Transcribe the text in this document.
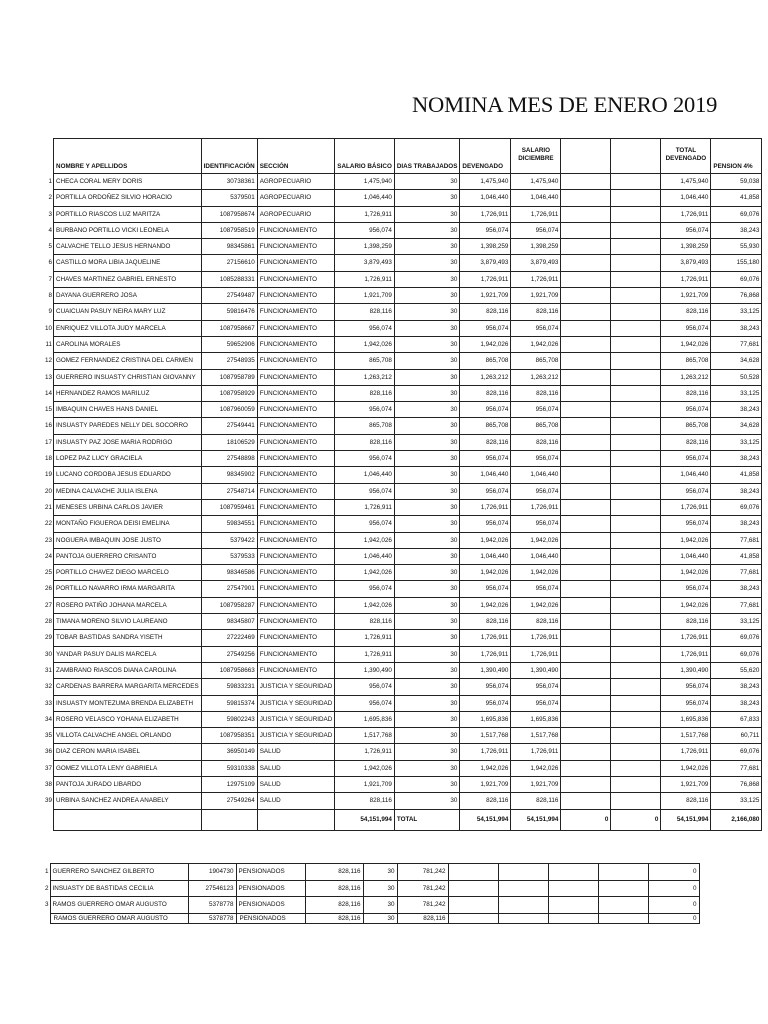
NOMINA MES DE ENERO 2019
	NOMBRE Y APELLIDOS	IDENTIFICACIÓN	SECCIÓN	SALARIO BÁSICO	DIAS TRABAJADOS	DEVENGADO	SALARIO DICIEMBRE			TOTAL DEVENGADO	PENSION 4%
1	CHECA CORAL MERY DORIS	30738361	AGROPECUARIO	1,475,940	30	1,475,940	1,475,940			1,475,940	59,038
2	PORTILLA ORDOÑEZ SILVIO HORACIO	5379501	AGROPECUARIO	1,046,440	30	1,046,440	1,046,440			1,046,440	41,858
3	PORTILLO RIASCOS LUZ MARITZA	1087958674	AGROPECUARIO	1,726,911	30	1,726,911	1,726,911			1,726,911	69,076
4	BURBANO PORTILLO VICKI LEONELA	1087958519	FUNCIONAMIENTO	956,074	30	956,074	956,074			956,074	38,243
5	CALVACHE TELLO JESUS HERNANDO	98345861	FUNCIONAMIENTO	1,398,259	30	1,398,259	1,398,259			1,398,259	55,930
6	CASTILLO MORA LIBIA JAQUELINE	27156610	FUNCIONAMIENTO	3,879,493	30	3,879,493	3,879,493			3,879,493	155,180
7	CHAVES MARTINEZ GABRIEL ERNESTO	1085288331	FUNCIONAMIENTO	1,726,911	30	1,726,911	1,726,911			1,726,911	69,076
8	DAYANA GUERRERO JOSA	27549487	FUNCIONAMIENTO	1,921,709	30	1,921,709	1,921,709			1,921,709	76,868
9	CUAICUAN PASUY NEIRA MARY LUZ	59816476	FUNCIONAMIENTO	828,116	30	828,116	828,116			828,116	33,125
10	ENRIQUEZ VILLOTA JUDY MARCELA	1087958667	FUNCIONAMIENTO	956,074	30	956,074	956,074			956,074	38,243
11	CAROLINA MORALES	59652906	FUNCIONAMIENTO	1,942,026	30	1,942,026	1,942,026			1,942,026	77,681
12	GOMEZ FERNANDEZ CRISTINA DEL CARMEN	27548935	FUNCIONAMIENTO	865,708	30	865,708	865,708			865,708	34,628
13	GUERRERO INSUASTY CHRISTIAN GIOVANNY	1087958789	FUNCIONAMIENTO	1,263,212	30	1,263,212	1,263,212			1,263,212	50,528
14	HERNANDEZ RAMOS MARILUZ	1087958929	FUNCIONAMIENTO	828,116	30	828,116	828,116			828,116	33,125
15	IMBAQUIN CHAVES HANS DANIEL	1087960059	FUNCIONAMIENTO	956,074	30	956,074	956,074			956,074	38,243
16	INSUASTY PAREDES NELLY DEL SOCORRO	27549441	FUNCIONAMIENTO	865,708	30	865,708	865,708			865,708	34,628
17	INSUASTY PAZ JOSE MARIA RODRIGO	18106529	FUNCIONAMIENTO	828,116	30	828,116	828,116			828,116	33,125
18	LOPEZ PAZ LUCY GRACIELA	27548898	FUNCIONAMIENTO	956,074	30	956,074	956,074			956,074	38,243
19	LUCANO CORDOBA JESUS EDUARDO	98345902	FUNCIONAMIENTO	1,046,440	30	1,046,440	1,046,440			1,046,440	41,858
20	MEDINA CALVACHE JULIA ISLENA	27548714	FUNCIONAMIENTO	956,074	30	956,074	956,074			956,074	38,243
21	MENESES URBINA CARLOS JAVIER	1087959461	FUNCIONAMIENTO	1,726,911	30	1,726,911	1,726,911			1,726,911	69,076
22	MONTAÑO FIGUEROA DEISI EMELINA	59834551	FUNCIONAMIENTO	956,074	30	956,074	956,074			956,074	38,243
23	NOGUERA IMBAQUIN JOSE JUSTO	5379422	FUNCIONAMIENTO	1,942,026	30	1,942,026	1,942,026			1,942,026	77,681
24	PANTOJA GUERRERO CRISANTO	5379533	FUNCIONAMIENTO	1,046,440	30	1,046,440	1,046,440			1,046,440	41,858
25	PORTILLO CHAVEZ DIEGO MARCELO	98346586	FUNCIONAMIENTO	1,942,026	30	1,942,026	1,942,026			1,942,026	77,681
26	PORTILLO NAVARRO IRMA MARGARITA	27547901	FUNCIONAMIENTO	956,074	30	956,074	956,074			956,074	38,243
27	ROSERO PATIÑO JOHANA MARCELA	1087958287	FUNCIONAMIENTO	1,942,026	30	1,942,026	1,942,026			1,942,026	77,681
28	TIMANA MORENO SILVIO LAUREANO	98345807	FUNCIONAMIENTO	828,116	30	828,116	828,116			828,116	33,125
29	TOBAR BASTIDAS SANDRA YISETH	27222469	FUNCIONAMIENTO	1,726,911	30	1,726,911	1,726,911			1,726,911	69,076
30	YANDAR PASUY DALIS MARCELA	27549256	FUNCIONAMIENTO	1,726,911	30	1,726,911	1,726,911			1,726,911	69,076
31	ZAMBRANO RIASCOS DIANA CAROLINA	1087958663	FUNCIONAMIENTO	1,390,490	30	1,390,490	1,390,490			1,390,490	55,620
32	CARDENAS BARRERA MARGARITA MERCEDES	59833231	JUSTICIA Y SEGURIDAD	956,074	30	956,074	956,074			956,074	38,243
33	INSUASTY MONTEZUMA BRENDA ELIZABETH	59815374	JUSTICIA Y SEGURIDAD	956,074	30	956,074	956,074			956,074	38,243
34	ROSERO VELASCO YOHANA ELIZABETH	59802243	JUSTICIA Y SEGURIDAD	1,695,836	30	1,695,836	1,695,836			1,695,836	67,833
35	VILLOTA CALVACHE ANGEL ORLANDO	1087958351	JUSTICIA Y SEGURIDAD	1,517,768	30	1,517,768	1,517,768			1,517,768	60,711
36	DIAZ CERON MARIA ISABEL	36950149	SALUD	1,726,911	30	1,726,911	1,726,911			1,726,911	69,076
37	GOMEZ VILLOTA LENY GABRIELA	59310338	SALUD	1,942,026	30	1,942,026	1,942,026			1,942,026	77,681
38	PANTOJA JURADO LIBARDO	12975109	SALUD	1,921,709	30	1,921,709	1,921,709			1,921,709	76,868
39	URBINA SANCHEZ ANDREA ANABELY	27549264	SALUD	828,116	30	828,116	828,116			828,116	33,125
				54,151,994	TOTAL	54,151,994	54,151,994	0	0	54,151,994	2,166,080
1	GUERRERO SANCHEZ GILBERTO	1904730	PENSIONADOS	828,116	30	781,242					0
2	INSUASTY DE BASTIDAS CECILIA	27546123	PENSIONADOS	828,116	30	781,242					0
3	RAMOS GUERRERO OMAR AUGUSTO	5378778	PENSIONADOS	828,116	30	781,242					0
	RAMOS GUERRERO OMAR AUGUSTO	5378778	PENSIONADOS	828,116	30	828,116					0
